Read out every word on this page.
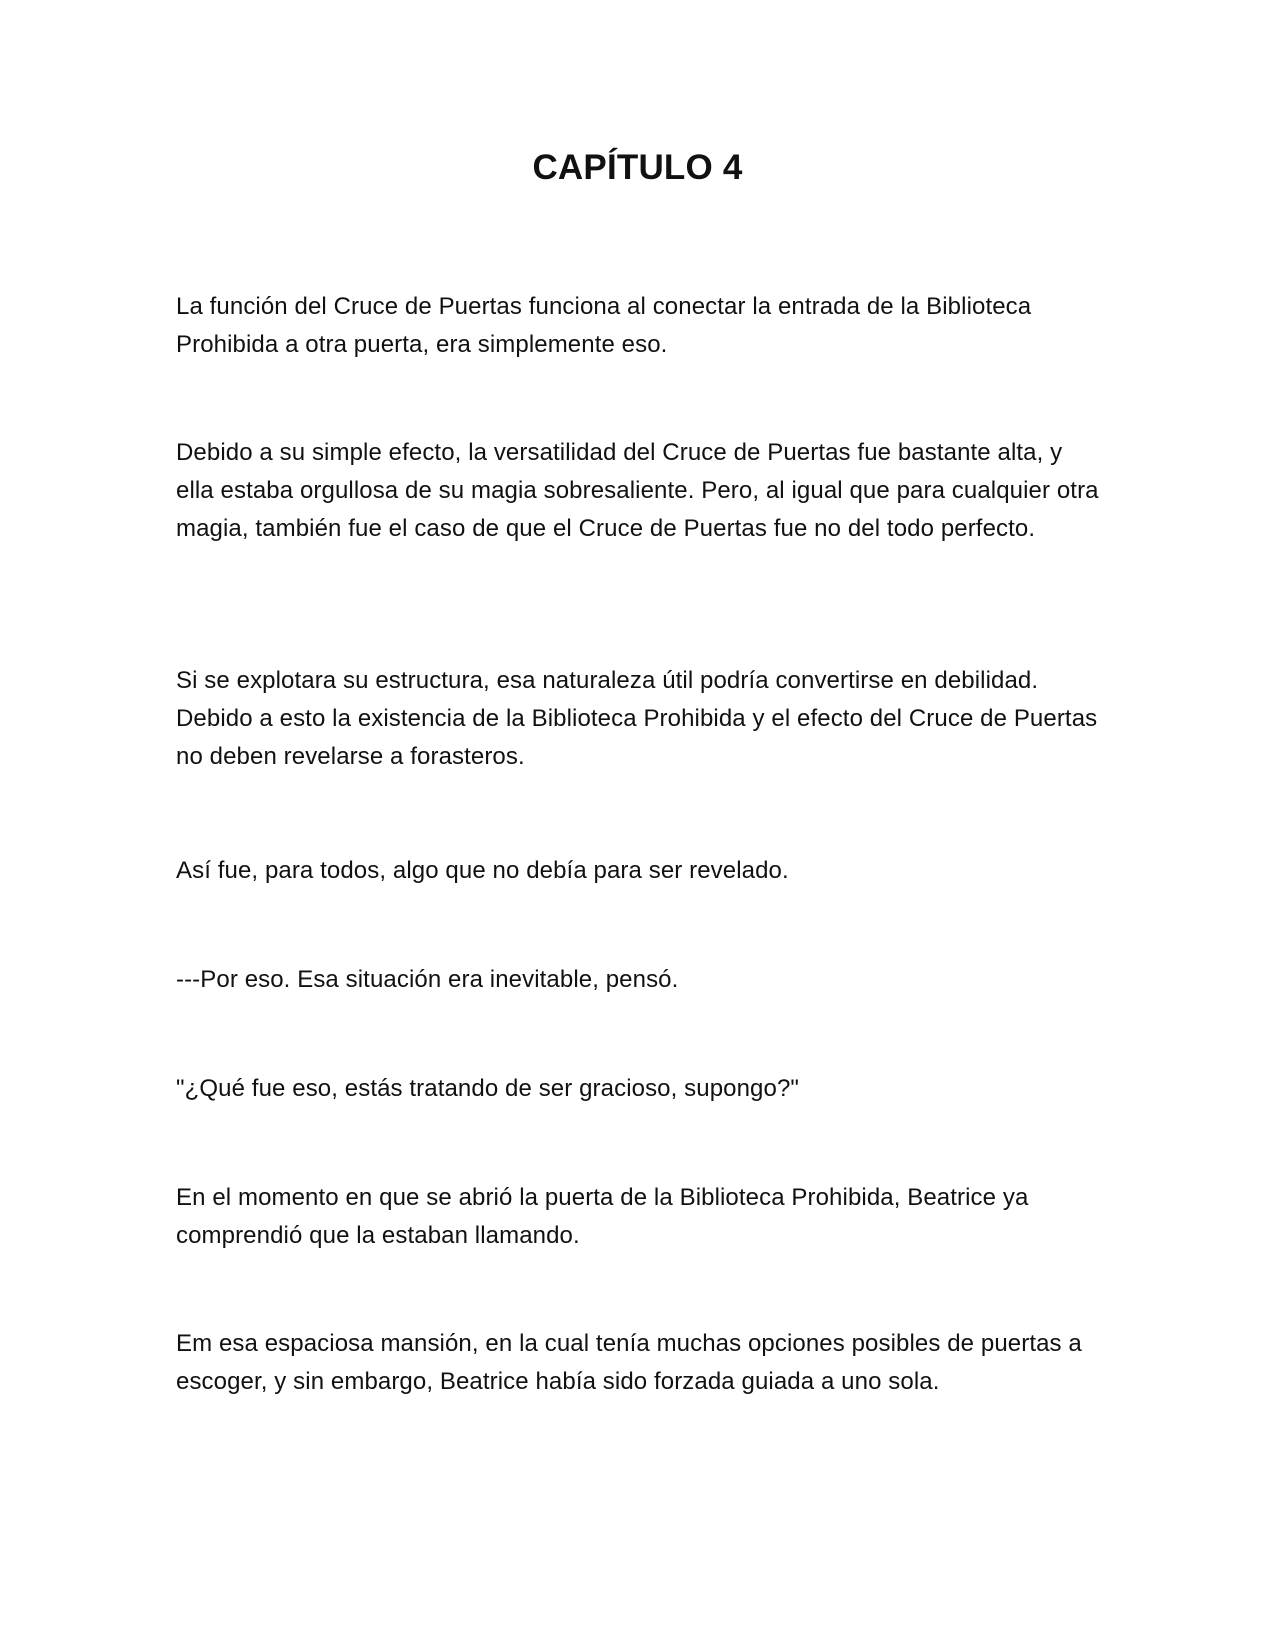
CAPÍTULO 4

La función del Cruce de Puertas funciona al conectar la entrada de la Biblioteca Prohibida a otra puerta, era simplemente eso.

Debido a su simple efecto, la versatilidad del Cruce de Puertas fue bastante alta, y ella estaba orgullosa de su magia sobresaliente. Pero, al igual que para cualquier otra magia, también fue el caso de que el Cruce de Puertas fue no del todo perfecto.

Si se explotara su estructura, esa naturaleza útil podría convertirse en debilidad. Debido a esto la existencia de la Biblioteca Prohibida y el efecto del Cruce de Puertas no deben revelarse a forasteros.

Así fue, para todos, algo que no debía para ser revelado.

---Por eso. Esa situación era inevitable, pensó.

"¿Qué fue eso, estás tratando de ser gracioso, supongo?"

En el momento en que se abrió la puerta de la Biblioteca Prohibida, Beatrice ya comprendió que la estaban llamando.

Em esa espaciosa mansión, en la cual tenía muchas opciones posibles de puertas a escoger, y sin embargo, Beatrice había sido forzada guiada a uno sola.
